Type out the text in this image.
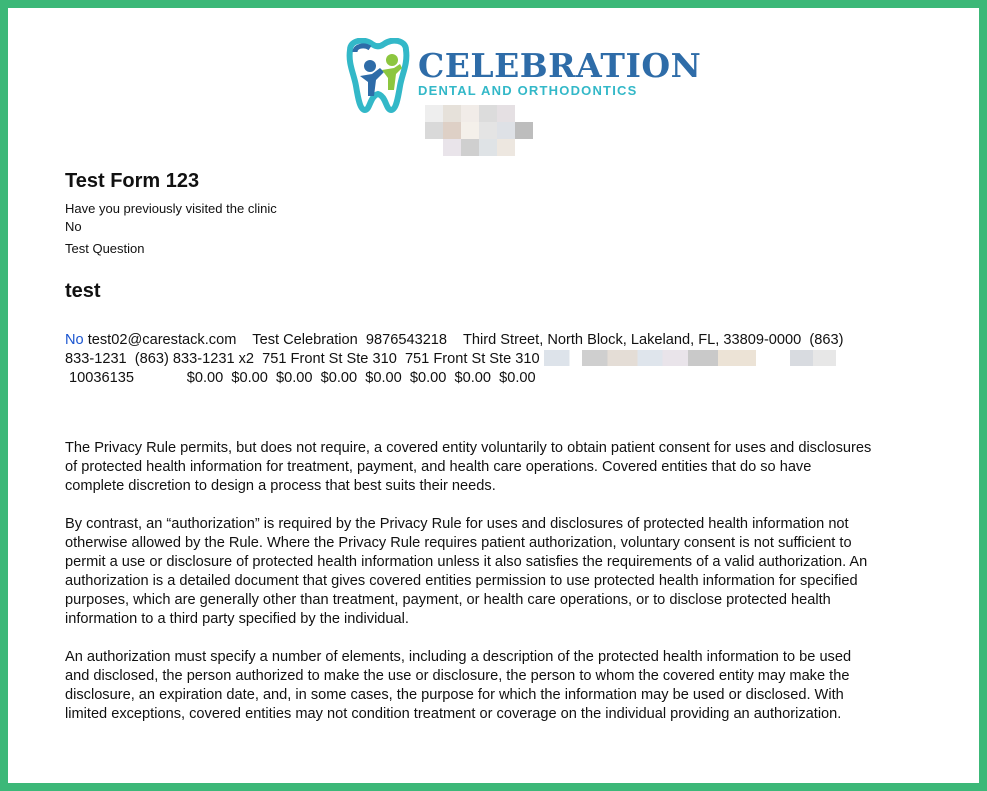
CELEBRATION
DENTAL AND ORTHODONTICS
Test Form 123
Have you previously visited the clinic
No
Test Question
test
No test02@carestack.com    Test Celebration  9876543218    Third Street, North Block, Lakeland, FL, 33809-0000  (863)
833-1231  (863) 833-1231 x2  751 Front St Ste 310  751 Front St Ste 310
10036135	$0.00  $0.00  $0.00  $0.00  $0.00  $0.00  $0.00  $0.00
The Privacy Rule permits, but does not require, a covered entity voluntarily to obtain patient consent for uses and disclosures
of protected health information for treatment, payment, and health care operations. Covered entities that do so have
complete discretion to design a process that best suits their needs.
By contrast, an “authorization” is required by the Privacy Rule for uses and disclosures of protected health information not
otherwise allowed by the Rule. Where the Privacy Rule requires patient authorization, voluntary consent is not sufficient to
permit a use or disclosure of protected health information unless it also satisfies the requirements of a valid authorization. An
authorization is a detailed document that gives covered entities permission to use protected health information for specified
purposes, which are generally other than treatment, payment, or health care operations, or to disclose protected health
information to a third party specified by the individual.
An authorization must specify a number of elements, including a description of the protected health information to be used
and disclosed, the person authorized to make the use or disclosure, the person to whom the covered entity may make the
disclosure, an expiration date, and, in some cases, the purpose for which the information may be used or disclosed. With
limited exceptions, covered entities may not condition treatment or coverage on the individual providing an authorization.
